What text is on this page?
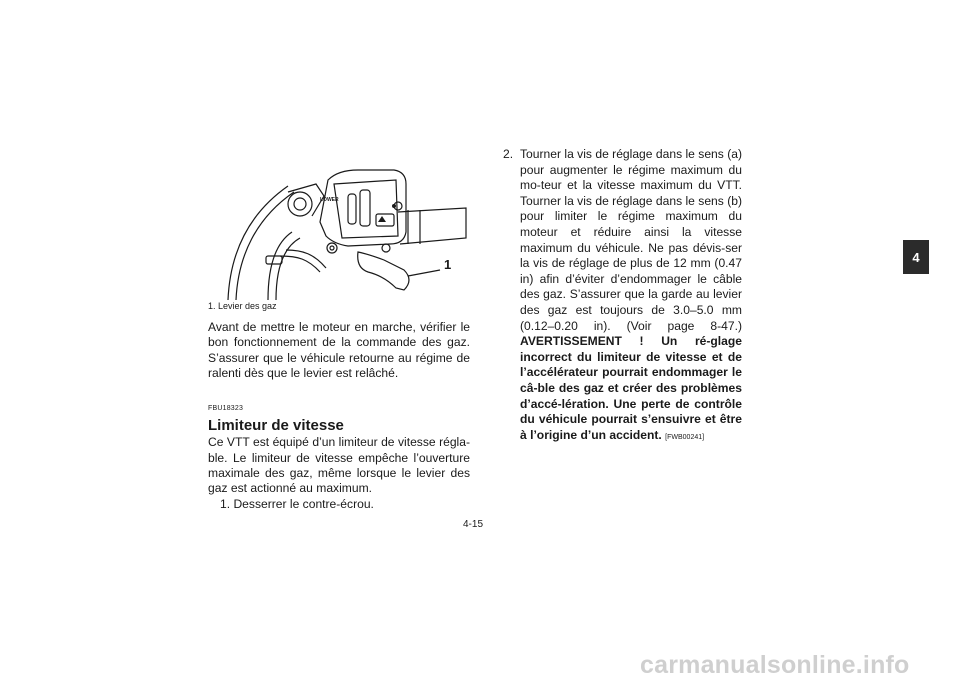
4
LOWER
1
1. Levier des gaz

Avant de mettre le moteur en marche, vérifier le bon fonctionnement de la commande des gaz. S’assurer que le véhicule retourne au régime de ralenti dès que le levier est relâché.

FBU18323
Limiteur de vitesse

Ce VTT est équipé d’un limiteur de vitesse régla-ble. Le limiteur de vitesse empêche l’ouverture maximale des gaz, même lorsque le levier des gaz est actionné au maximum.

1. Desserrer le contre-écrou.

2. Tourner la vis de réglage dans le sens (a) pour augmenter le régime maximum du mo-teur et la vitesse maximum du VTT. Tourner la vis de réglage dans le sens (b) pour limiter le régime maximum du moteur et réduire ainsi la vitesse maximum du véhicule. Ne pas dévis-ser la vis de réglage de plus de 12 mm (0.47 in) afin d’éviter d’endommager le câble des gaz. S’assurer que la garde au levier des gaz est toujours de 3.0–5.0 mm (0.12–0.20 in). (Voir page 8-47.) AVERTISSEMENT ! Un ré-glage incorrect du limiteur de vitesse et de l’accélérateur pourrait endommager le câ-ble des gaz et créer des problèmes d’accé-lération. Une perte de contrôle du véhicule pourrait s’ensuivre et être à l’origine d’un accident. [FWB00241]
4-15
carmanualsonline.info
